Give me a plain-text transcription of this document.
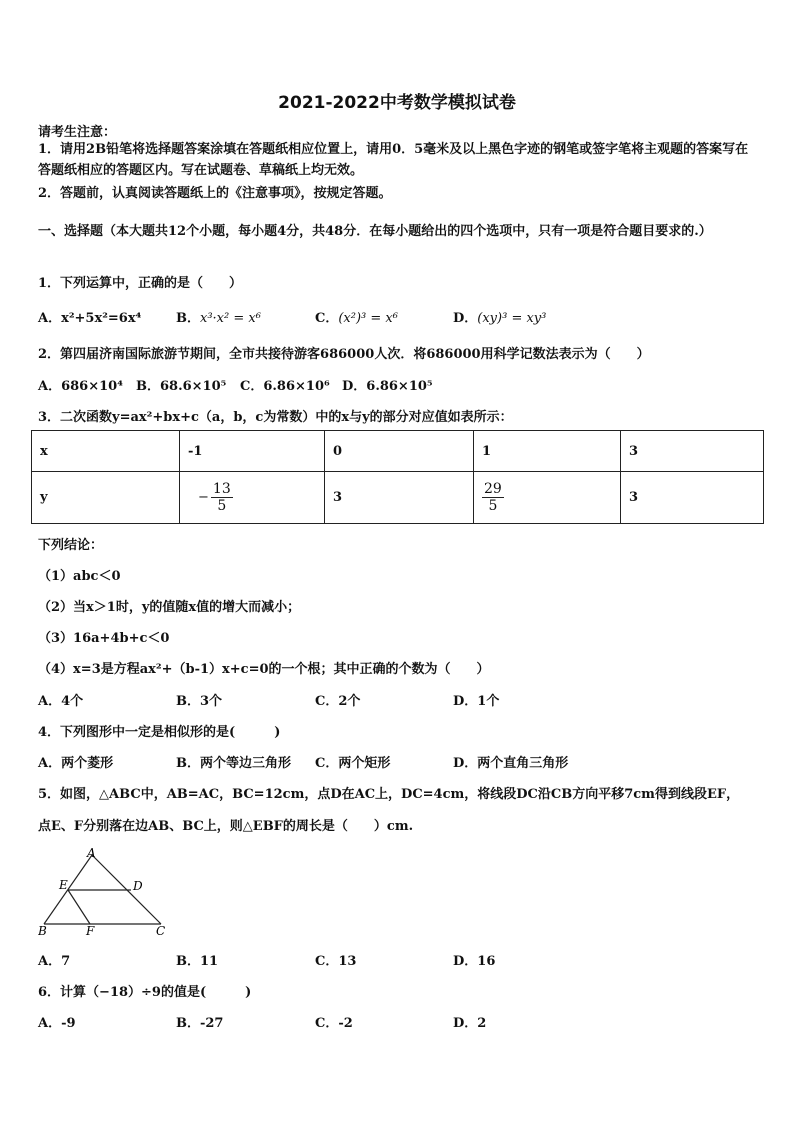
2021-2022中考数学模拟试卷
请考生注意：
1．请用2B铅笔将选择题答案涂填在答题纸相应位置上，请用0．5毫米及以上黑色字迹的钢笔或签字笔将主观题的答案写在答题纸相应的答题区内。写在试题卷、草稿纸上均无效。
2．答题前，认真阅读答题纸上的《注意事项》，按规定答题。
一、选择题（本大题共12个小题，每小题4分，共48分．在每小题给出的四个选项中，只有一项是符合题目要求的.）
1．下列运算中，正确的是（　　）
A．x²+5x²=6x⁴	B．x³·x² = x⁶	C．(x²)³ = x⁶	D．(xy)³ = xy³
2．第四届济南国际旅游节期间，全市共接待游客686000人次．将686000用科学记数法表示为（　　）
A．686×10⁴ B．68.6×10⁵ C．6.86×10⁶ D．6.86×10⁵
3．二次函数y=ax²+bx+c（a，b，c为常数）中的x与y的部分对应值如表所示：
x	-1	0	1	3
y	− $\frac{13}{5}$	3	$\frac{29}{5}$	3
下列结论：
（1）abc＜0
（2）当x＞1时，y的值随x值的增大而减小；
（3）16a+4b+c＜0
（4）x=3是方程ax²+（b-1）x+c=0的一个根；其中正确的个数为（　　）
A．4个	B．3个	C．2个	D．1个
4．下列图形中一定是相似形的是(　　　)
A．两个菱形	B．两个等边三角形 C．两个矩形	D．两个直角三角形
5．如图，△ABC中，AB=AC，BC=12cm，点D在AC上，DC=4cm，将线段DC沿CB方向平移7cm得到线段EF，
点E、F分别落在边AB、BC上，则△EBF的周长是（　　）cm.
A
E	D
B	F	C
A．7	B．11	C．13	D．16
6．计算（−18）÷9的值是(　　　)
A．-9	B．-27	C．-2	D．2
